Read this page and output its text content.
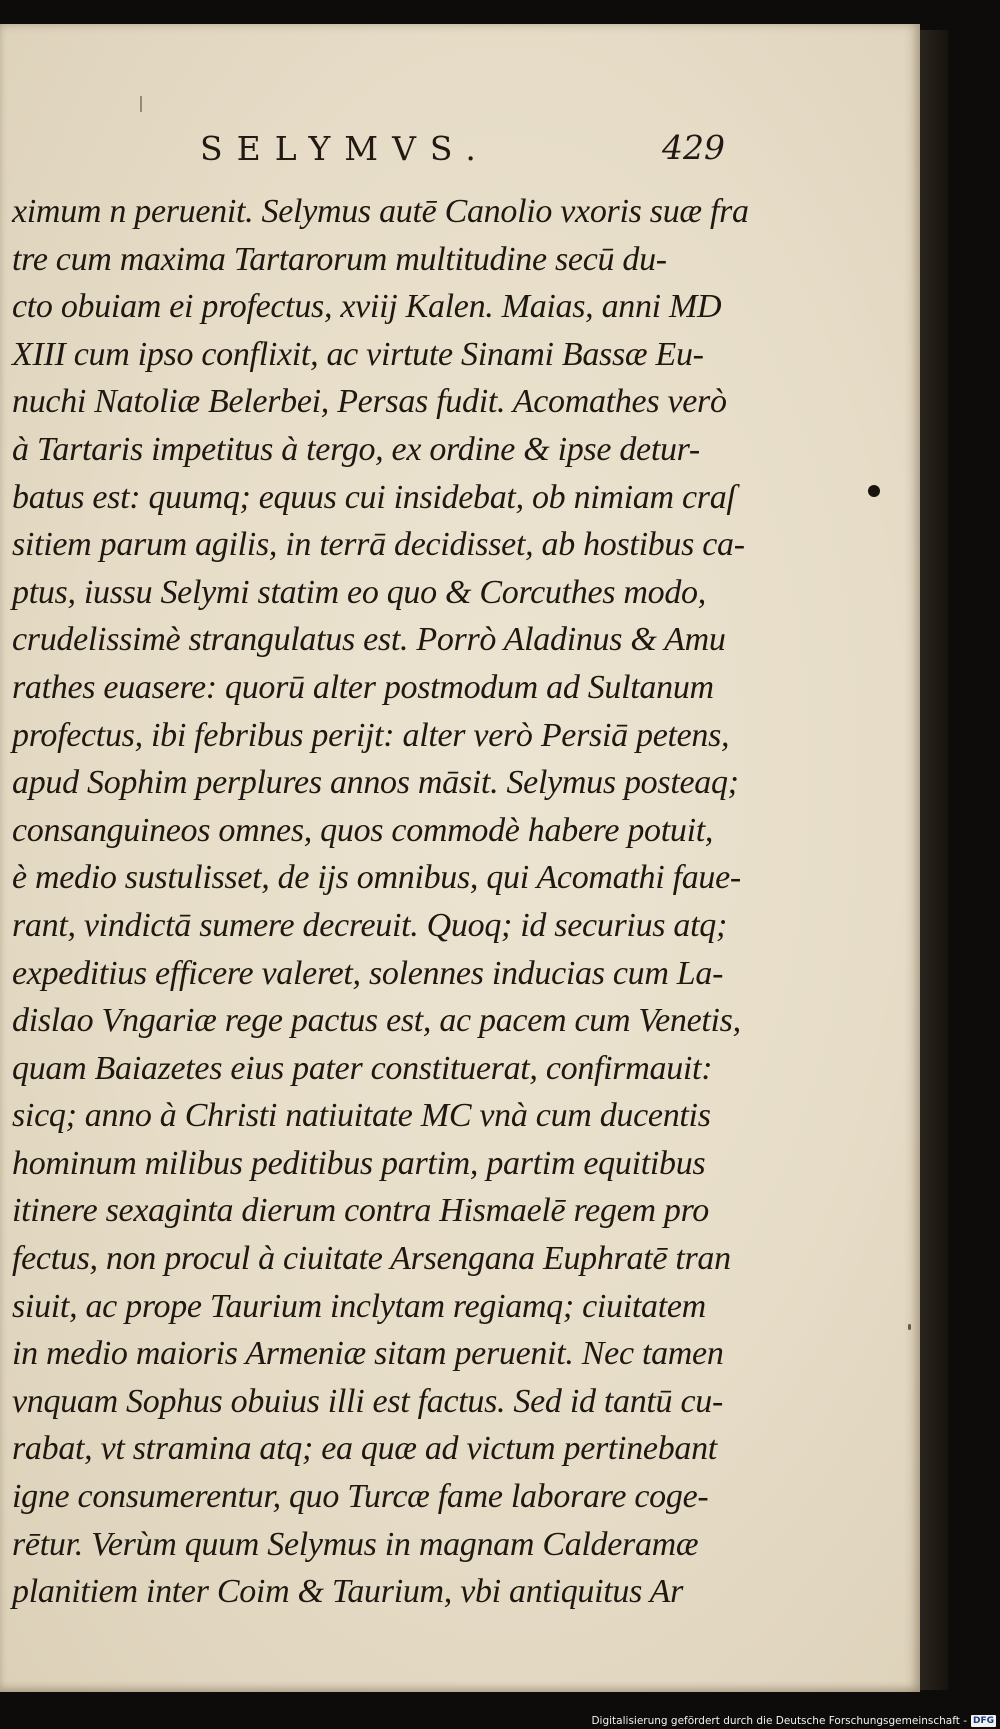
SELYMVS.	429
ximum n peruenit. Selymus autē Canolio vxoris suæ fra
tre cum maxima Tartarorum multitudine secū du-
cto obuiam ei profectus, xviij Kalen. Maias, anni MD
XIII cum ipso conflixit, ac virtute Sinami Bassæ Eu-
nuchi Natoliæ Belerbei, Persas fudit. Acomathes verò
à Tartaris impetitus à tergo, ex ordine & ipse detur-
batus est: quumq; equus cui insidebat, ob nimiam craſ
sitiem parum agilis, in terrā decidisset, ab hostibus ca-
ptus, iussu Selymi statim eo quo & Corcuthes modo,
crudelissimè strangulatus est. Porrò Aladinus & Amu
rathes euasere: quorū alter postmodum ad Sultanum
profectus, ibi febribus perijt: alter verò Persiā petens,
apud Sophim perplures annos māsit. Selymus posteaq;
consanguineos omnes, quos commodè habere potuit,
è medio sustulisset, de ijs omnibus, qui Acomathi faue-
rant, vindictā sumere decreuit. Quoq; id securius atq;
expeditius efficere valeret, solennes inducias cum La-
dislao Vngariæ rege pactus est, ac pacem cum Venetis,
quam Baiazetes eius pater constituerat, confirmauit:
sicq; anno à Christi natiuitate MC vnà cum ducentis
hominum milibus peditibus partim, partim equitibus
itinere sexaginta dierum contra Hismaelē regem pro
fectus, non procul à ciuitate Arsengana Euphratē tran
siuit, ac prope Taurium inclytam regiamq; ciuitatem
in medio maioris Armeniæ sitam peruenit. Nec tamen
vnquam Sophus obuius illi est factus. Sed id tantū cu-
rabat, vt stramina atq; ea quæ ad victum pertinebant
igne consumerentur, quo Turcæ fame laborare coge-
rētur. Verùm quum Selymus in magnam Calderamæ
planitiem inter Coim & Taurium, vbi antiquitus Ar
Digitalisierung gefördert durch die Deutsche Forschungsgemeinschaft - DFG
